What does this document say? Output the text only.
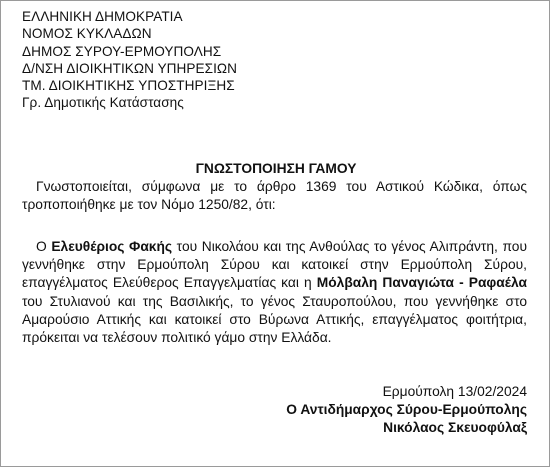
ΕΛΛΗΝΙΚΗ ΔΗΜΟΚΡΑΤΙΑ
ΝΟΜΟΣ ΚΥΚΛΑΔΩΝ
ΔΗΜΟΣ ΣΥΡΟΥ-ΕΡΜΟΥΠΟΛΗΣ
Δ/ΝΣΗ ΔΙΟΙΚΗΤΙΚΩΝ ΥΠΗΡΕΣΙΩΝ
ΤΜ. ΔΙΟΙΚΗΤΙΚΗΣ ΥΠΟΣΤΗΡΙΞΗΣ
Γρ. Δημοτικής Κατάστασης
ΓΝΩΣΤΟΠΟΙΗΣΗ ΓΑΜΟΥ
Γνωστοποιείται, σύμφωνα με το άρθρο 1369 του Αστικού Κώδικα, όπως τροποποιήθηκε με τον Νόμο 1250/82, ότι:
Ο Ελευθέριος Φακής του Νικολάου και της Ανθούλας το γένος Αλιπράντη, που γεννήθηκε στην Ερμούπολη Σύρου και κατοικεί στην Ερμούπολη Σύρου, επαγγέλματος Ελεύθερος Επαγγελματίας και η Μόλβαλη Παναγιώτα - Ραφαέλα του Στυλιανού και της Βασιλικής, το γένος Σταυροπούλου, που γεννήθηκε στο Αμαρούσιο Αττικής και κατοικεί στο Βύρωνα Αττικής, επαγγέλματος φοιτήτρια, πρόκειται να τελέσουν πολιτικό γάμο στην Ελλάδα.
Ερμούπολη 13/02/2024
Ο Αντιδήμαρχος Σύρου-Ερμούπολης
Νικόλαος Σκευοφύλαξ
